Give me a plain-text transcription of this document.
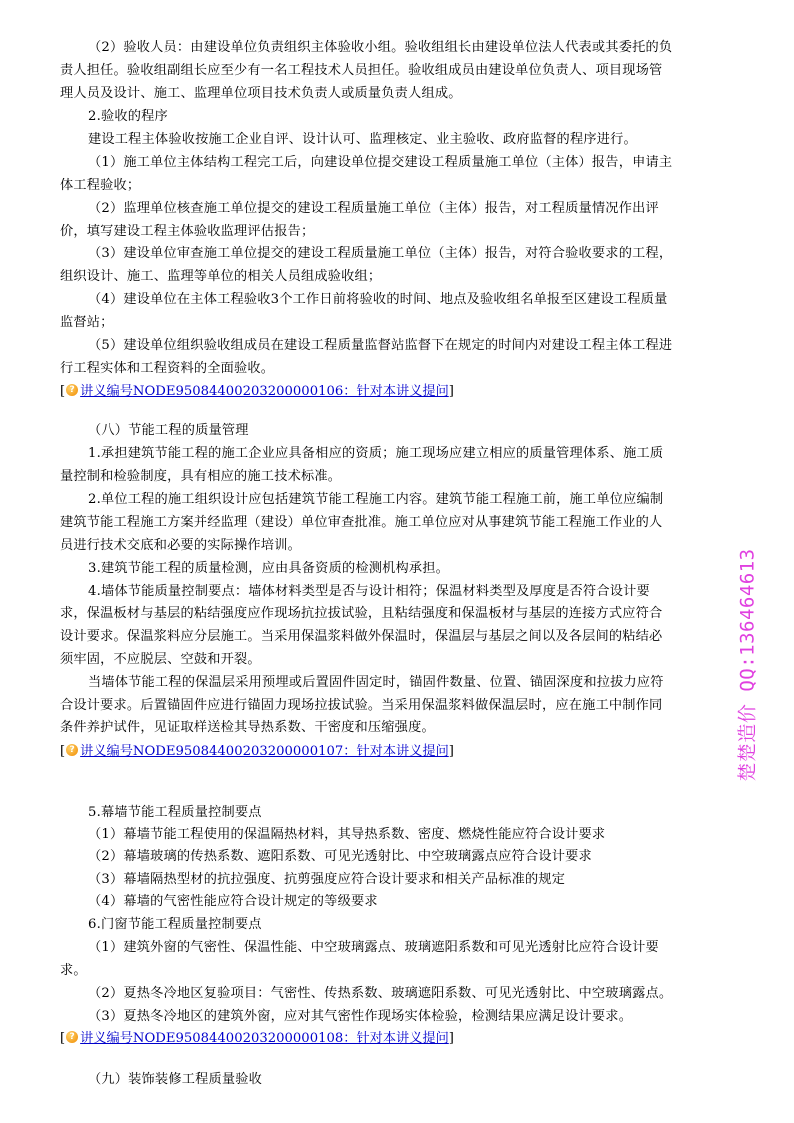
（2）验收人员：由建设单位负责组织主体验收小组。验收组组长由建设单位法人代表或其委托的负
责人担任。验收组副组长应至少有一名工程技术人员担任。验收组成员由建设单位负责人、项目现场管
理人员及设计、施工、监理单位项目技术负责人或质量负责人组成。
2.验收的程序
建设工程主体验收按施工企业自评、设计认可、监理核定、业主验收、政府监督的程序进行。
（1）施工单位主体结构工程完工后，向建设单位提交建设工程质量施工单位（主体）报告，申请主
体工程验收；
（2）监理单位核查施工单位提交的建设工程质量施工单位（主体）报告，对工程质量情况作出评
价，填写建设工程主体验收监理评估报告；
（3）建设单位审查施工单位提交的建设工程质量施工单位（主体）报告，对符合验收要求的工程，
组织设计、施工、监理等单位的相关人员组成验收组；
（4）建设单位在主体工程验收3个工作日前将验收的时间、地点及验收组名单报至区建设工程质量
监督站；
（5）建设单位组织验收组成员在建设工程质量监督站监督下在规定的时间内对建设工程主体工程进
行工程实体和工程资料的全面验收。
[ ? 讲义编号NODE95084400203200000106：针对本讲义提问]
（八）节能工程的质量管理
1.承担建筑节能工程的施工企业应具备相应的资质；施工现场应建立相应的质量管理体系、施工质
量控制和检验制度，具有相应的施工技术标准。
2.单位工程的施工组织设计应包括建筑节能工程施工内容。建筑节能工程施工前，施工单位应编制
建筑节能工程施工方案并经监理（建设）单位审查批准。施工单位应对从事建筑节能工程施工作业的人
员进行技术交底和必要的实际操作培训。
3.建筑节能工程的质量检测，应由具备资质的检测机构承担。
4.墙体节能质量控制要点：墙体材料类型是否与设计相符；保温材料类型及厚度是否符合设计要
求，保温板材与基层的粘结强度应作现场抗拉拔试验，且粘结强度和保温板材与基层的连接方式应符合
设计要求。保温浆料应分层施工。当采用保温浆料做外保温时，保温层与基层之间以及各层间的粘结必
须牢固，不应脱层、空鼓和开裂。
当墙体节能工程的保温层采用预埋或后置固件固定时，锚固件数量、位置、锚固深度和拉拔力应符
合设计要求。后置锚固件应进行锚固力现场拉拔试验。当采用保温浆料做保温层时，应在施工中制作同
条件养护试件，见证取样送检其导热系数、干密度和压缩强度。
[ ? 讲义编号NODE95084400203200000107：针对本讲义提问]
5.幕墙节能工程质量控制要点
（1）幕墙节能工程使用的保温隔热材料，其导热系数、密度、燃烧性能应符合设计要求
（2）幕墙玻璃的传热系数、遮阳系数、可见光透射比、中空玻璃露点应符合设计要求
（3）幕墙隔热型材的抗拉强度、抗剪强度应符合设计要求和相关产品标准的规定
（4）幕墙的气密性能应符合设计规定的等级要求
6.门窗节能工程质量控制要点
（1）建筑外窗的气密性、保温性能、中空玻璃露点、玻璃遮阳系数和可见光透射比应符合设计要
求。
（2）夏热冬冷地区复验项目：气密性、传热系数、玻璃遮阳系数、可见光透射比、中空玻璃露点。
（3）夏热冬冷地区的建筑外窗，应对其气密性作现场实体检验，检测结果应满足设计要求。
[ ? 讲义编号NODE95084400203200000108：针对本讲义提问]
（九）装饰装修工程质量验收
楚楚造价 QQ:136464613
